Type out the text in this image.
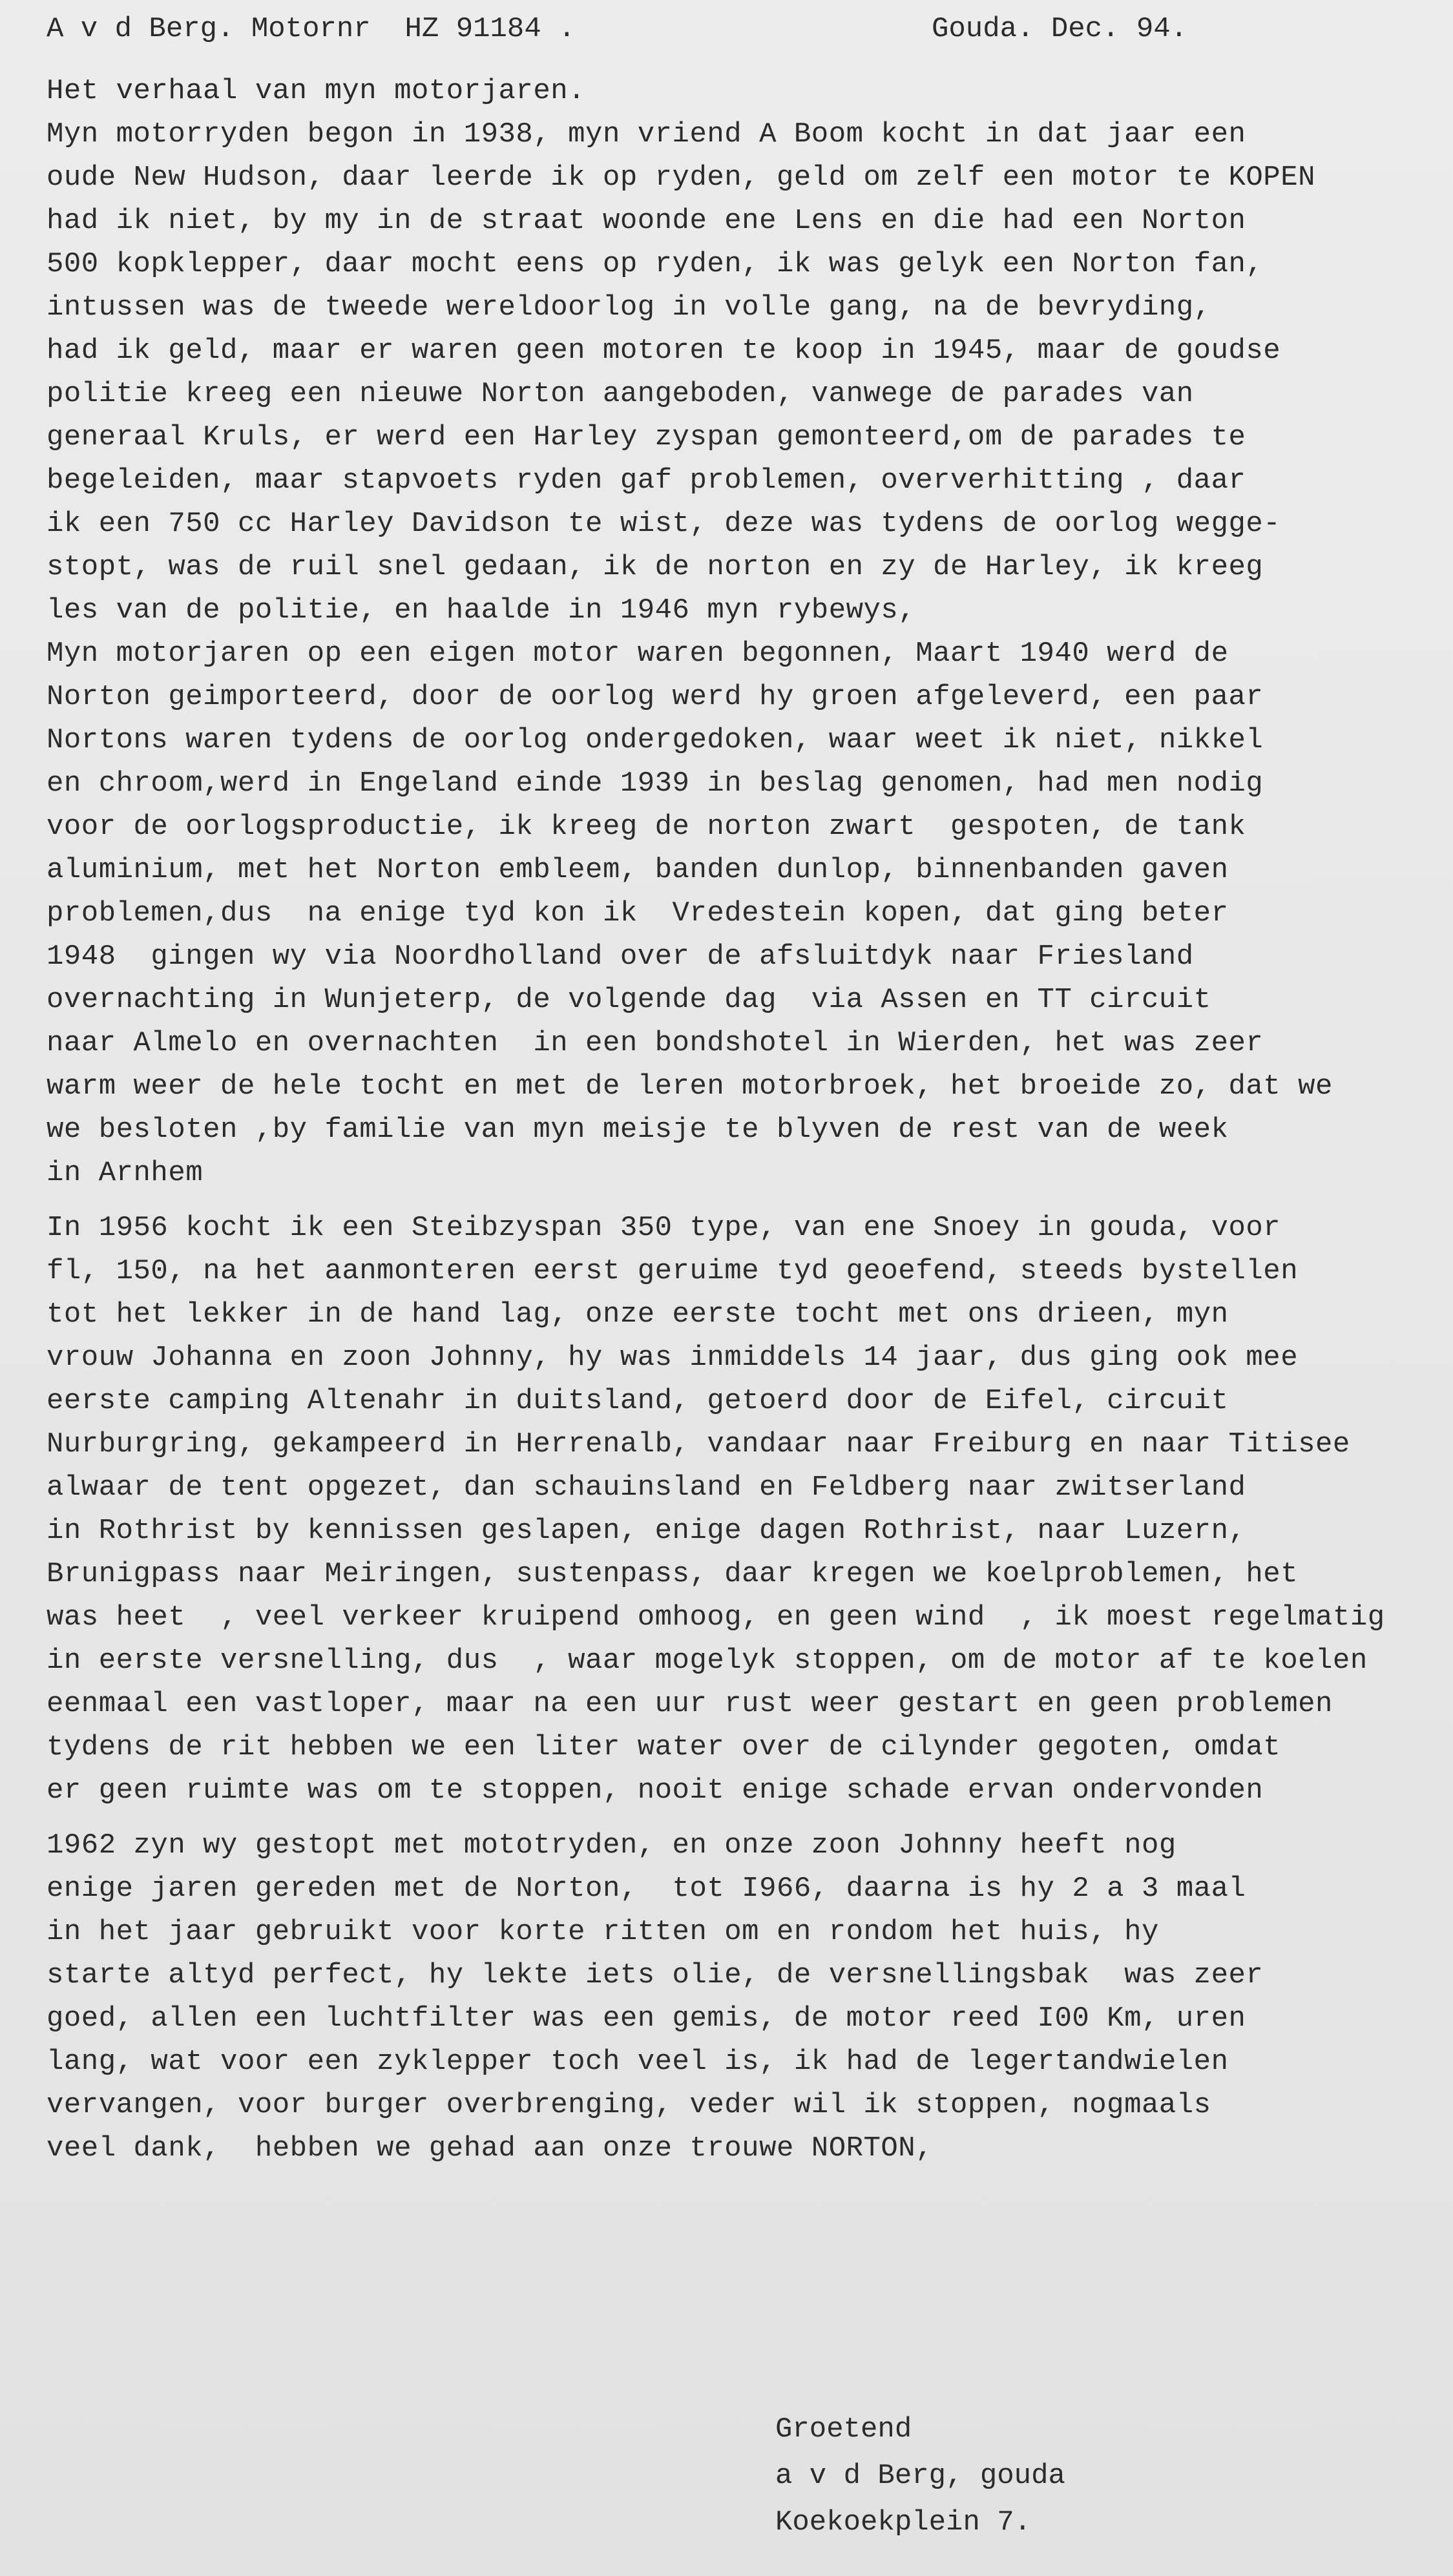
A v d Berg. Motornr  HZ 91184 .	Gouda. Dec. 94.
Het verhaal van myn motorjaren.
Myn motorryden begon in 1938, myn vriend A Boom kocht in dat jaar een
oude New Hudson, daar leerde ik op ryden, geld om zelf een motor te KOPEN
had ik niet, by my in de straat woonde ene Lens en die had een Norton
500 kopklepper, daar mocht eens op ryden, ik was gelyk een Norton fan,
intussen was de tweede wereldoorlog in volle gang, na de bevryding,
had ik geld, maar er waren geen motoren te koop in 1945, maar de goudse
politie kreeg een nieuwe Norton aangeboden, vanwege de parades van
generaal Kruls, er werd een Harley zyspan gemonteerd,om de parades te
begeleiden, maar stapvoets ryden gaf problemen, oververhitting , daar
ik een 750 cc Harley Davidson te wist, deze was tydens de oorlog wegge-
stopt, was de ruil snel gedaan, ik de norton en zy de Harley, ik kreeg
les van de politie, en haalde in 1946 myn rybewys,
Myn motorjaren op een eigen motor waren begonnen, Maart 1940 werd de
Norton geimporteerd, door de oorlog werd hy groen afgeleverd, een paar
Nortons waren tydens de oorlog ondergedoken, waar weet ik niet, nikkel
en chroom,werd in Engeland einde 1939 in beslag genomen, had men nodig
voor de oorlogsproductie, ik kreeg de norton zwart  gespoten, de tank
aluminium, met het Norton embleem, banden dunlop, binnenbanden gaven
problemen,dus  na enige tyd kon ik  Vredestein kopen, dat ging beter
1948  gingen wy via Noordholland over de afsluitdyk naar Friesland
overnachting in Wunjeterp, de volgende dag  via Assen en TT circuit
naar Almelo en overnachten  in een bondshotel in Wierden, het was zeer
warm weer de hele tocht en met de leren motorbroek, het broeide zo, dat we
we besloten ,by familie van myn meisje te blyven de rest van de week
in Arnhem
In 1956 kocht ik een Steibzyspan 350 type, van ene Snoey in gouda, voor
fl, 150, na het aanmonteren eerst geruime tyd geoefend, steeds bystellen
tot het lekker in de hand lag, onze eerste tocht met ons drieen, myn
vrouw Johanna en zoon Johnny, hy was inmiddels 14 jaar, dus ging ook mee
eerste camping Altenahr in duitsland, getoerd door de Eifel, circuit
Nurburgring, gekampeerd in Herrenalb, vandaar naar Freiburg en naar Titisee
alwaar de tent opgezet, dan schauinsland en Feldberg naar zwitserland
in Rothrist by kennissen geslapen, enige dagen Rothrist, naar Luzern,
Brunigpass naar Meiringen, sustenpass, daar kregen we koelproblemen, het
was heet  , veel verkeer kruipend omhoog, en geen wind  , ik moest regelmatig
in eerste versnelling, dus  , waar mogelyk stoppen, om de motor af te koelen
eenmaal een vastloper, maar na een uur rust weer gestart en geen problemen
tydens de rit hebben we een liter water over de cilynder gegoten, omdat
er geen ruimte was om te stoppen, nooit enige schade ervan ondervonden
1962 zyn wy gestopt met mototryden, en onze zoon Johnny heeft nog
enige jaren gereden met de Norton,  tot I966, daarna is hy 2 a 3 maal
in het jaar gebruikt voor korte ritten om en rondom het huis, hy
starte altyd perfect, hy lekte iets olie, de versnellingsbak  was zeer
goed, allen een luchtfilter was een gemis, de motor reed I00 Km, uren
lang, wat voor een zyklepper toch veel is, ik had de legertandwielen
vervangen, voor burger overbrenging, veder wil ik stoppen, nogmaals
veel dank,  hebben we gehad aan onze trouwe NORTON,
Groetend
a v d Berg, gouda
Koekoekplein 7.
